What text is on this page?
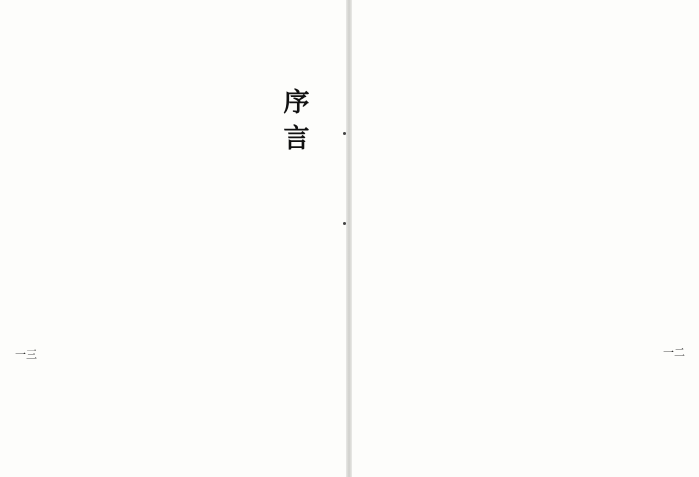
序言
一三	一二
